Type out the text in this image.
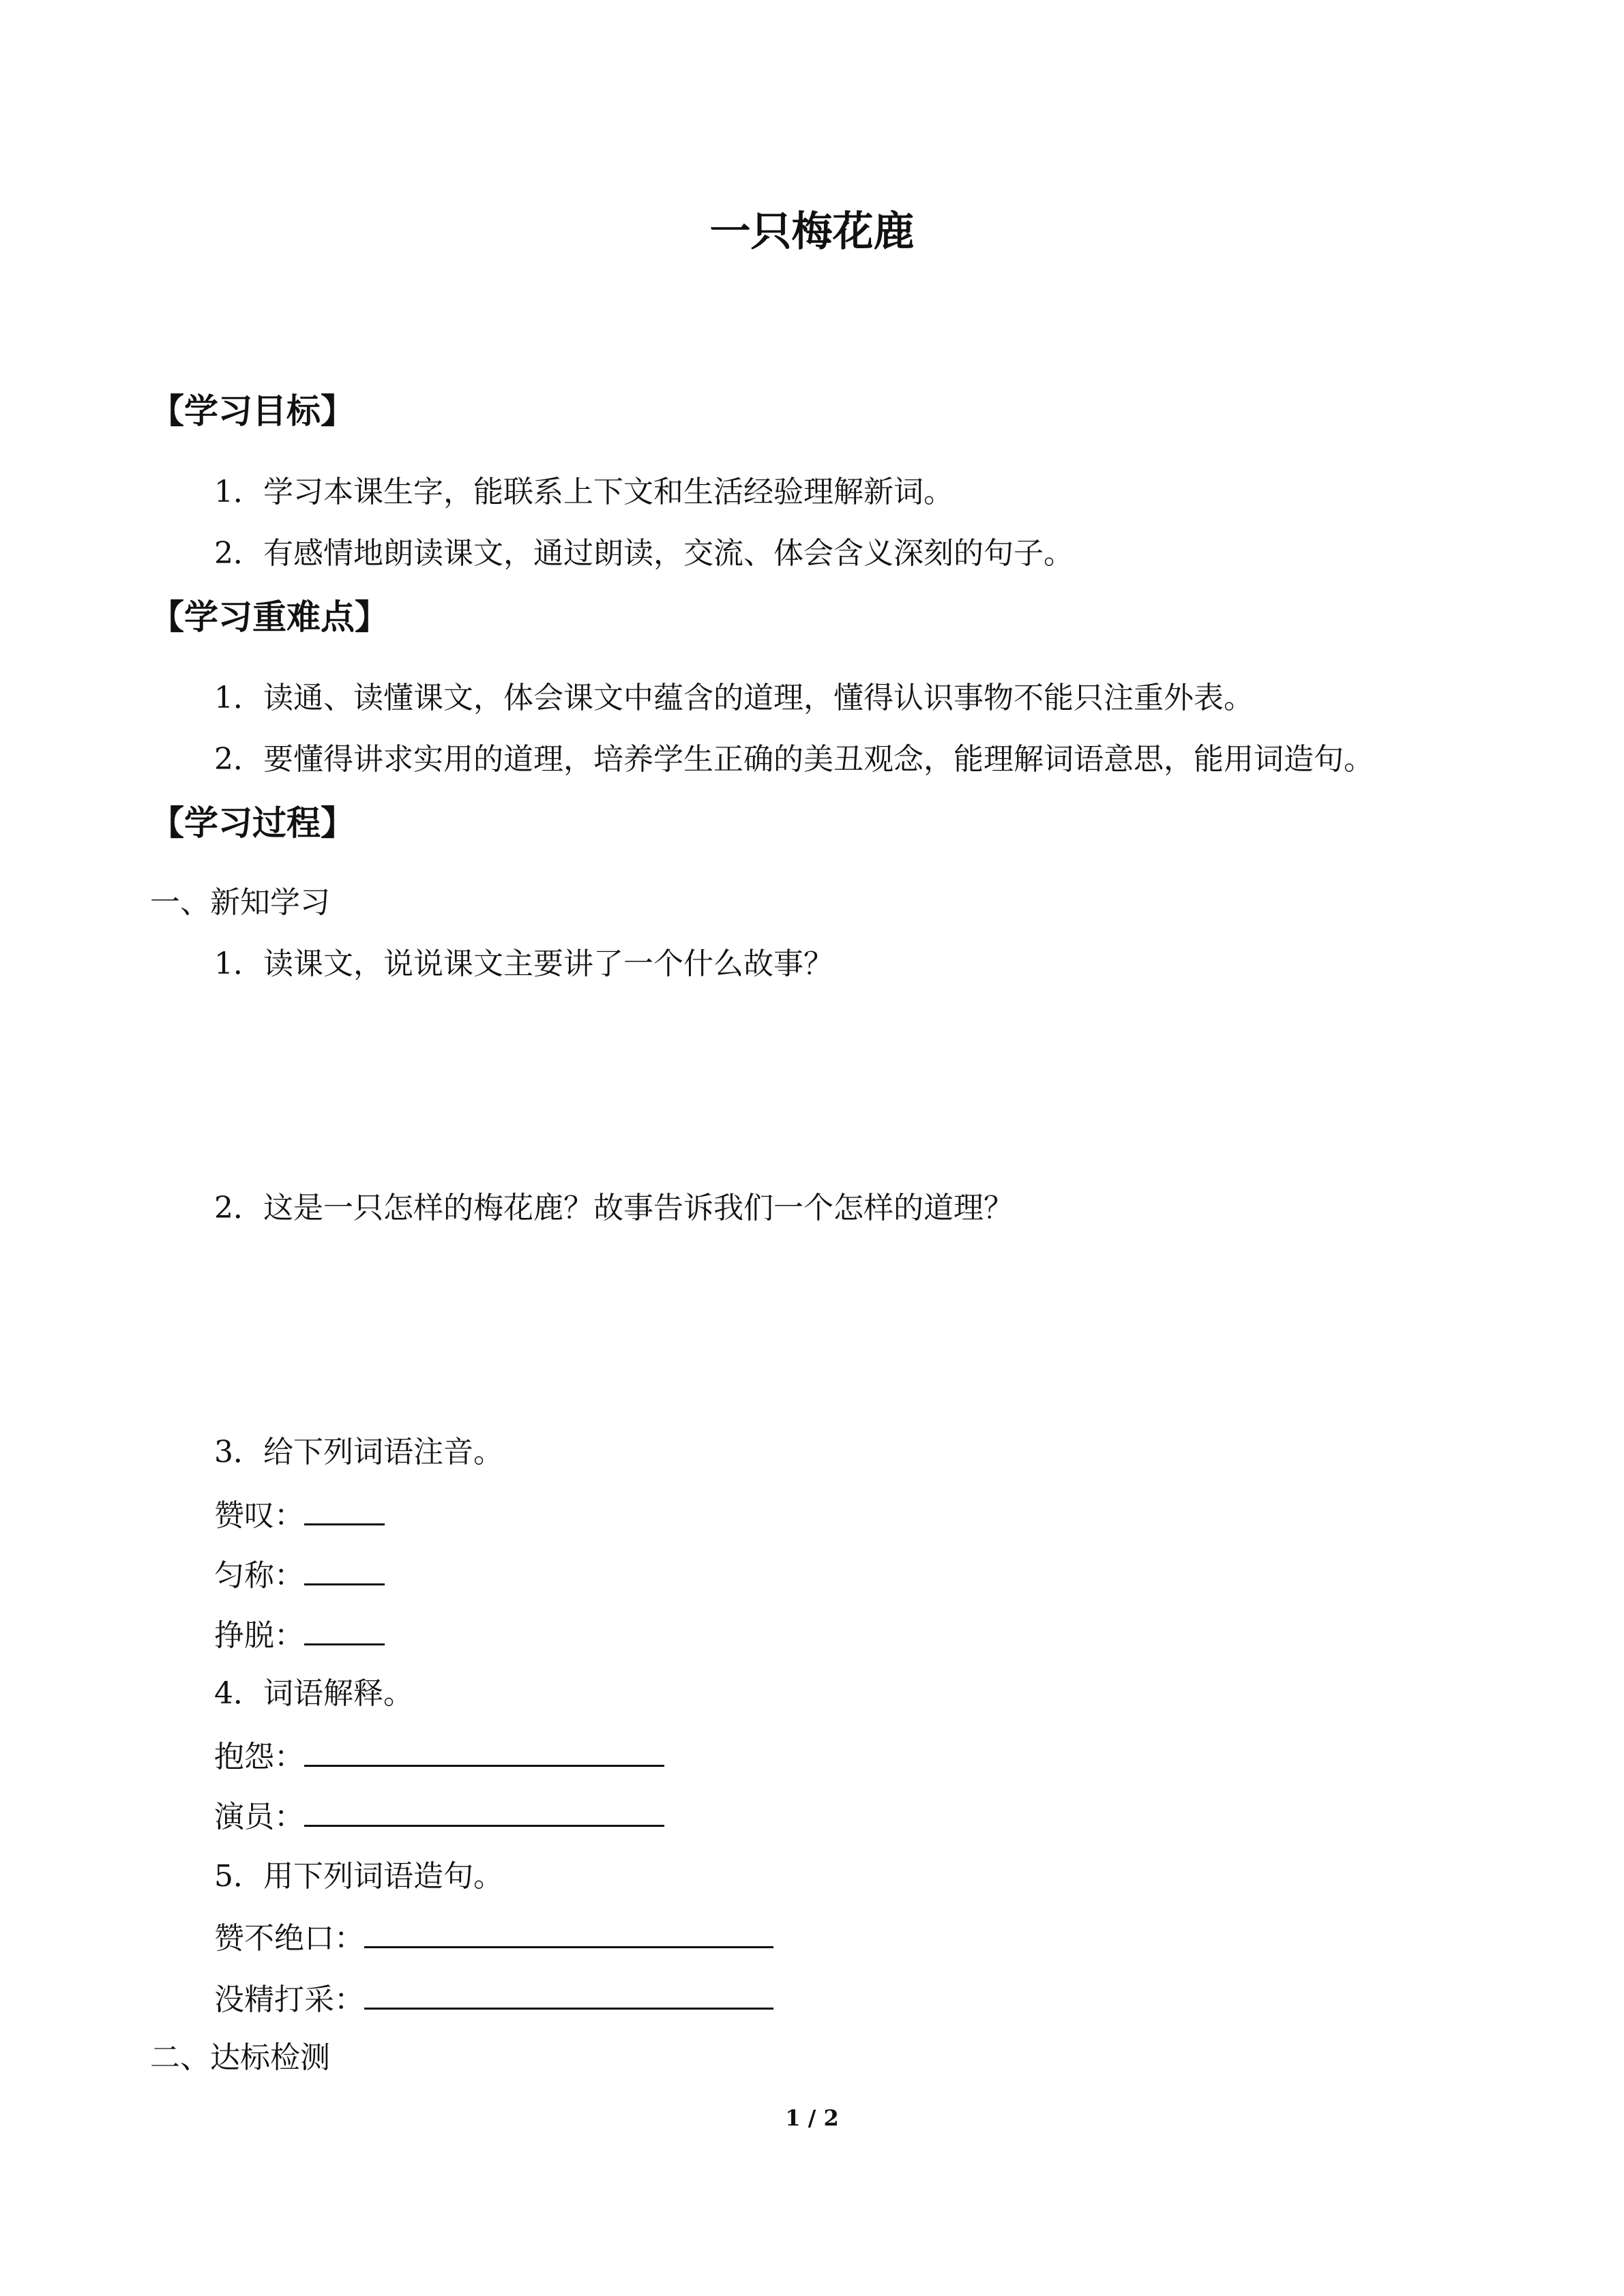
一只梅花鹿
【学习目标】
1．学习本课生字，能联系上下文和生活经验理解新词。
2．有感情地朗读课文，通过朗读，交流、体会含义深刻的句子。
【学习重难点】
1．读通、读懂课文，体会课文中蕴含的道理，懂得认识事物不能只注重外表。
2．要懂得讲求实用的道理，培养学生正确的美丑观念，能理解词语意思，能用词造句。
【学习过程】
一、新知学习
1．读课文，说说课文主要讲了一个什么故事？
2．这是一只怎样的梅花鹿？故事告诉我们一个怎样的道理？
3．给下列词语注音。
赞叹：
匀称：
挣脱：
4．词语解释。
抱怨：
演员：
5．用下列词语造句。
赞不绝口：
没精打采：
二、达标检测
1 / 2
